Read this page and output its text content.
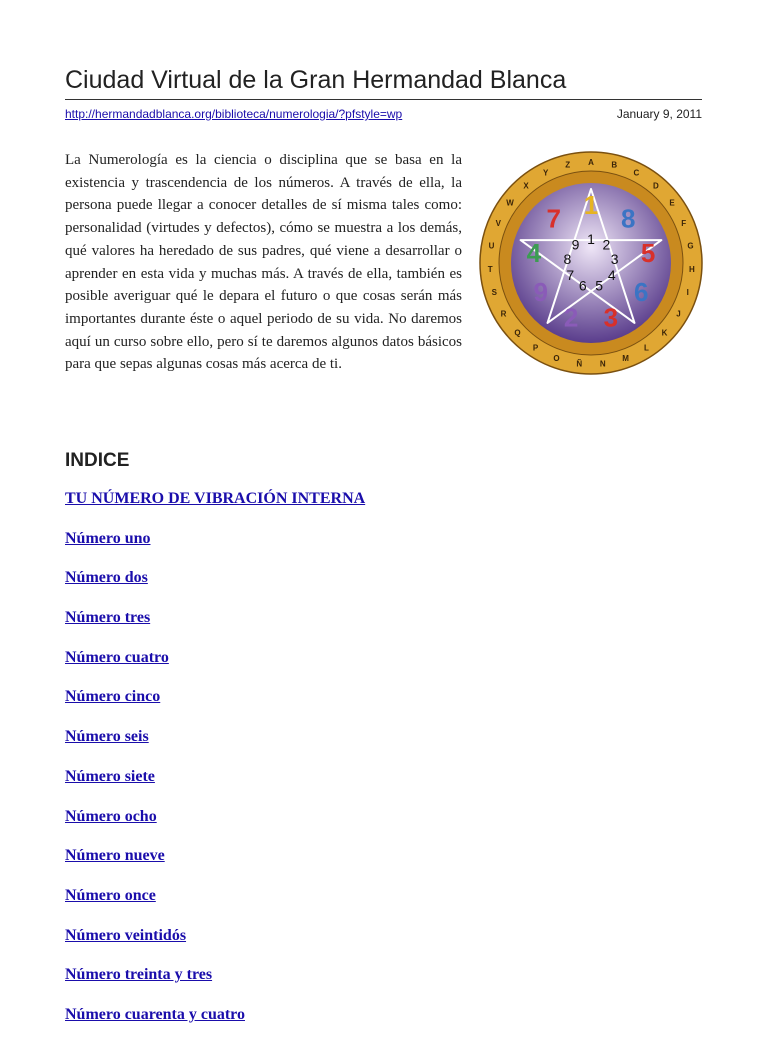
Ciudad Virtual de la Gran Hermandad Blanca
http://hermandadblanca.org/biblioteca/numerologia/?pfstyle=wp	January 9, 2011

La Numerología es la ciencia o disciplina que se basa en la existencia y trascendencia de los números. A través de ella, la persona puede llegar a conocer detalles de sí misma tales como: personalidad (virtudes y defectos), cómo se muestra a los demás, qué valores ha heredado de sus padres, qué viene a desarrollar o aprender en esta vida y muchas más. A través de ella, también es posible averiguar qué le depara el futuro o que cosas serán más importantes durante éste o aquel periodo de su vida. No daremos aquí un curso sobre ello, pero sí te daremos algunos datos básicos para que sepas algunas cosas más acerca de ti.

A B
C
D
E
F
G
H
I
J
K
L
M
N
Ñ
O
P
Q
R
S
T
U
V
W
X
Y
Z
1 8
5
6
3
2
9
4
7
1 2
3
4
5
6
7
8
9
INDICE
TU NÚMERO DE VIBRACIÓN INTERNA
Número uno
Número dos
Número tres
Número cuatro
Número cinco
Número seis
Número siete
Número ocho
Número nueve
Número once
Número veintidós
Número treinta y tres
Número cuarenta y cuatro
